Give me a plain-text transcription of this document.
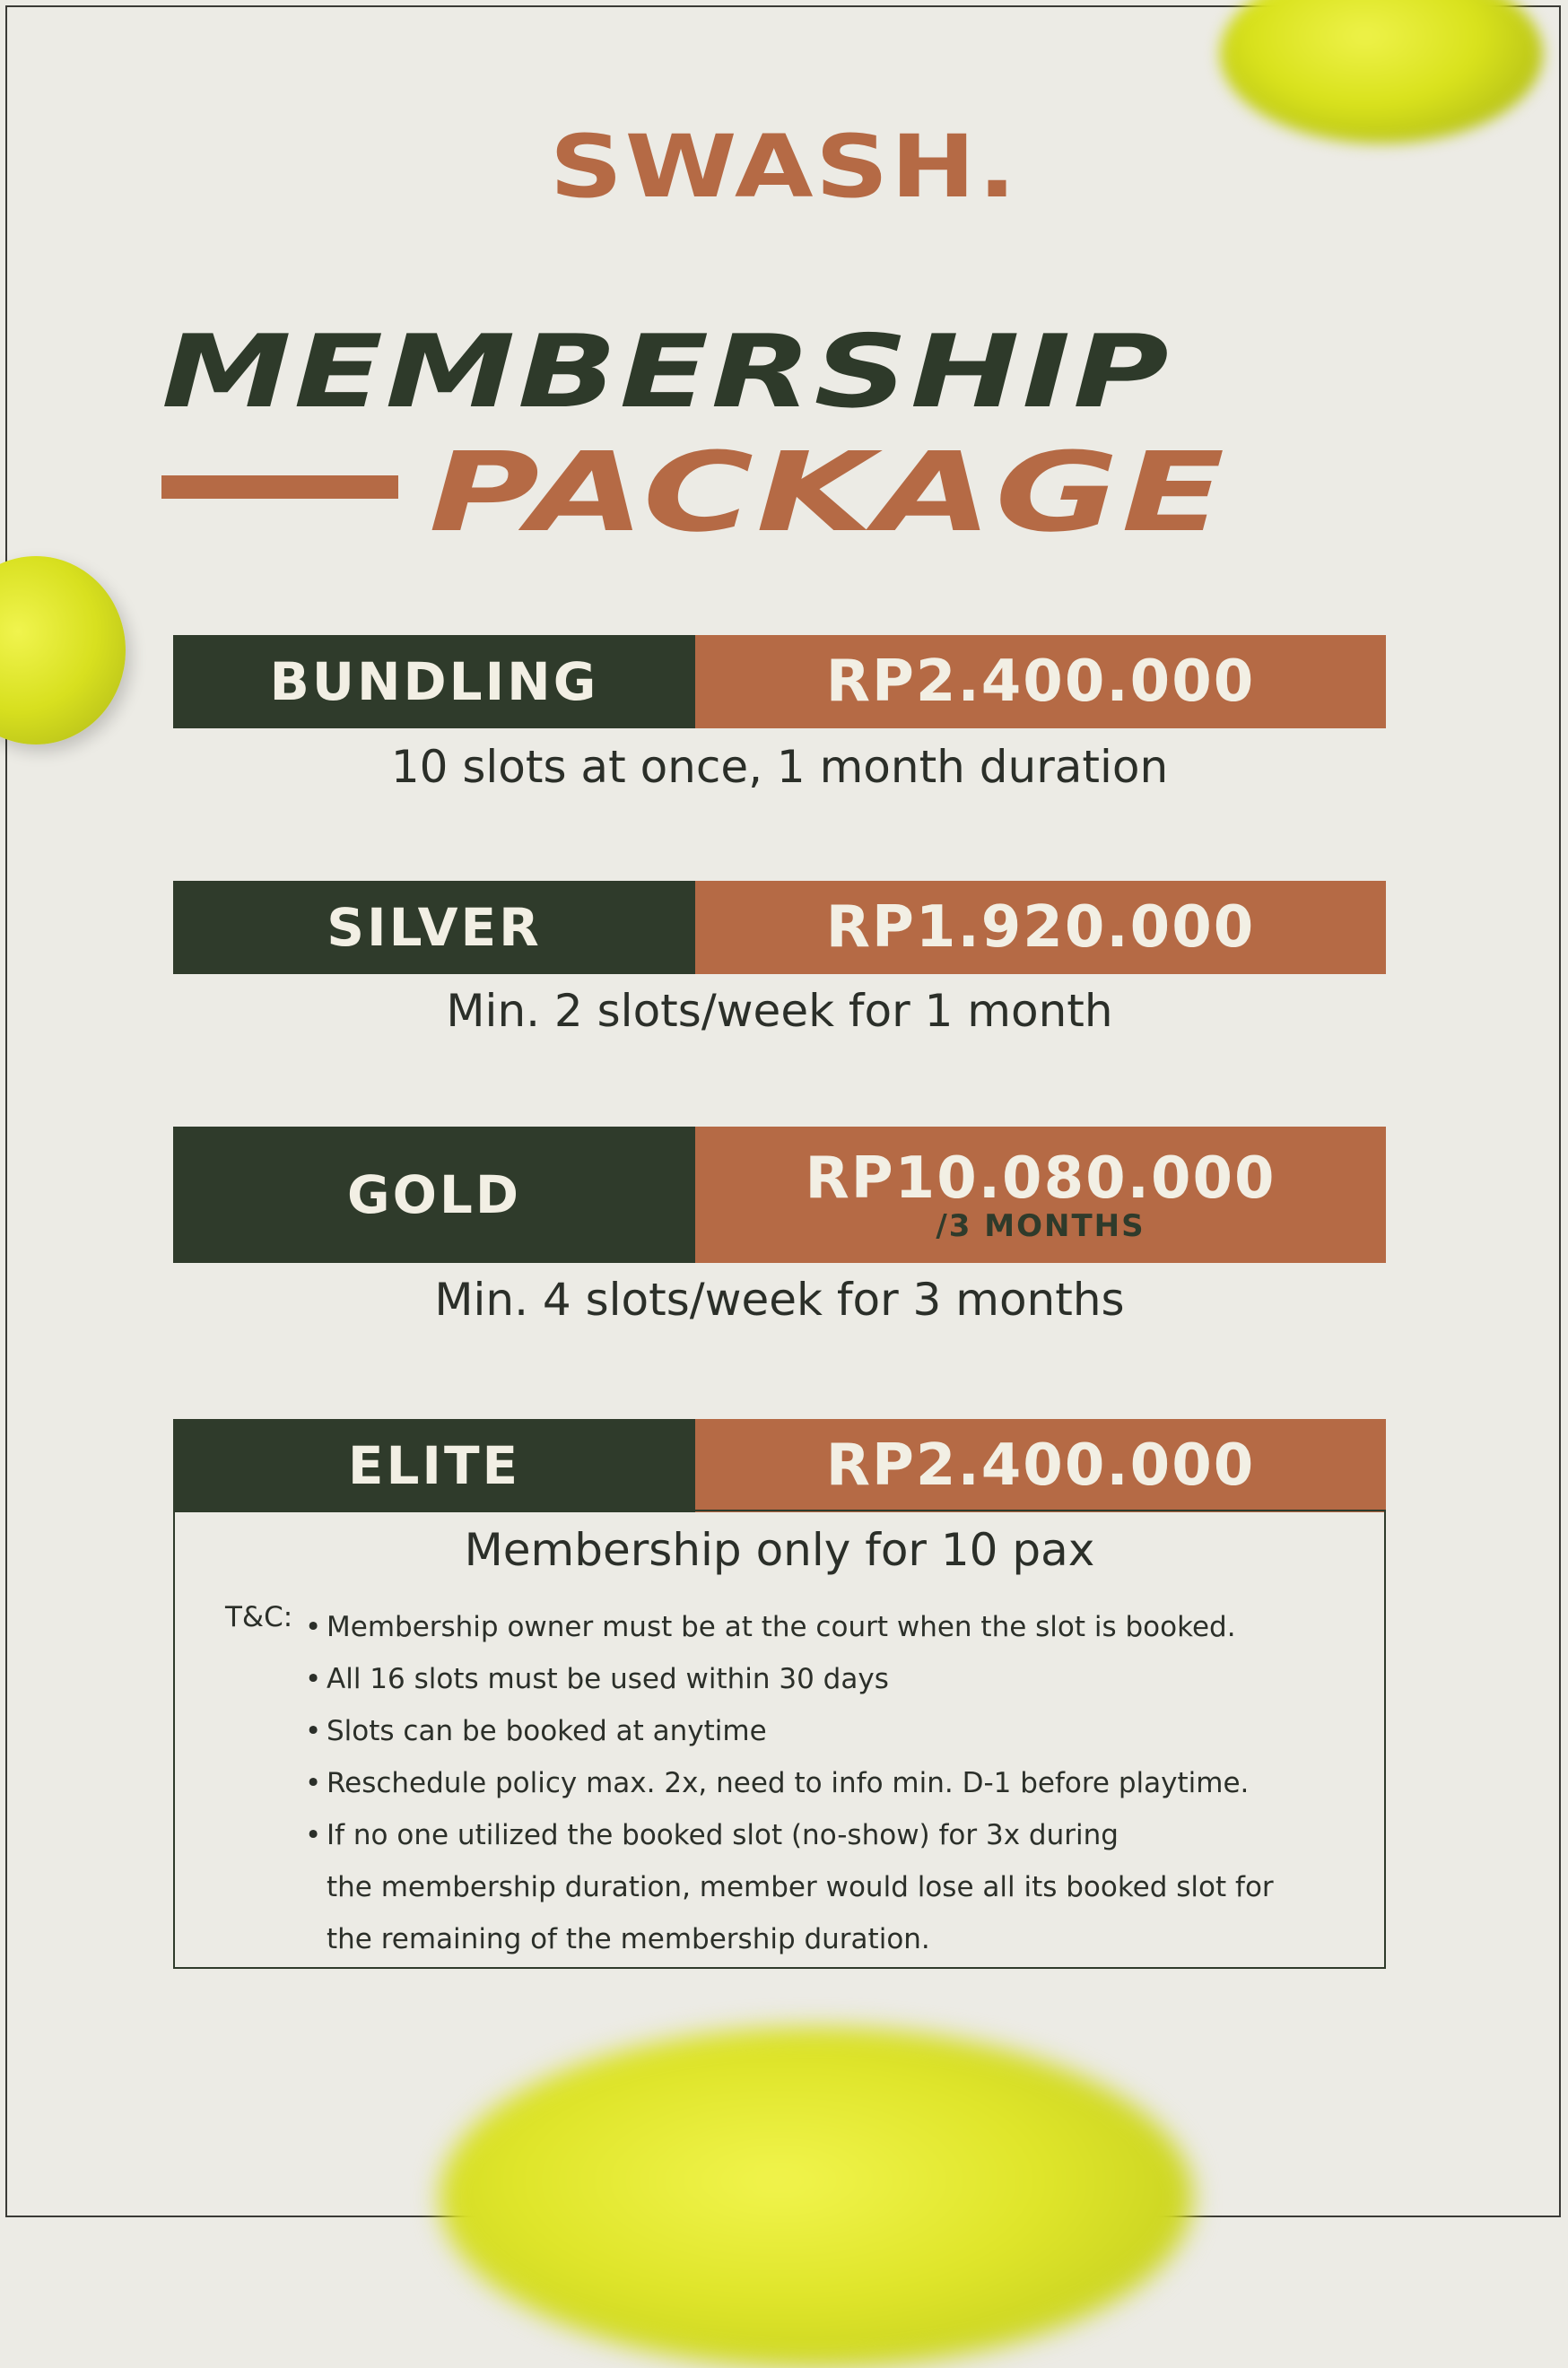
SWASH.
MEMBERSHIP
PACKAGE
BUNDLING	RP2.400.000
10 slots at once, 1 month duration
SILVER	RP1.920.000
Min. 2 slots/week for 1 month
GOLD	RP10.080.000
/3 MONTHS
Min. 4 slots/week for 3 months
ELITE	RP2.400.000
Membership only for 10 pax
T&C: • Membership owner must be at the court when the slot is booked.
• All 16 slots must be used within 30 days
• Slots can be booked at anytime
• Reschedule policy max. 2x, need to info min. D-1 before playtime.
• If no one utilized the booked slot (no-show) for 3x during
the membership duration, member would lose all its booked slot for
the remaining of the membership duration.
